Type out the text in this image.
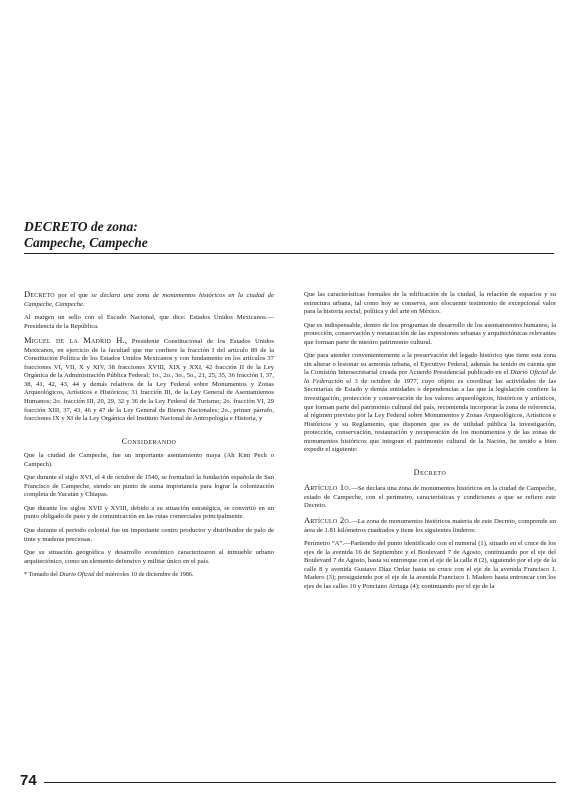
DECRETO de zona:
Campeche, Campeche

Decreto por el que se declara una zona de monumentos históricos en la ciudad de Campeche, Campeche.

Al margen un sello con el Escudo Nacional, que dice: Estados Unidos Mexicanos.—Presidencia de la República.

Miguel de la Madrid H., Presidente Constitucional de los Estados Unidos Mexicanos, en ejercicio de la facultad que me confiere la fracción I del artículo 89 de la Constitución Política de los Estados Unidos Mexicanos y con fundamento en los artículos 37 fracciones VI, VII, X y XIV, 38 fracciones XVIII, XIX y XXI, 42 fracción II de la Ley Orgánica de la Administración Pública Federal; 1o., 2o., 3o., 5o., 21, 25, 35, 36 fracción I, 37, 38, 41, 42, 43, 44 y demás relativos de la Ley Federal sobre Monumentos y Zonas Arqueológicos, Artísticos e Históricos; 31 fracción III, de la Ley General de Asentamientos Humanos; 2o. fracción III, 20, 29, 32 y 36 de la Ley Federal de Turismo; 2o. fracción VI, 29 fracción XIII, 37, 43, 46 y 47 de la Ley General de Bienes Nacionales; 2o., primer párrafo, fracciones IX y XI de la Ley Orgánica del Instituto Nacional de Antropología e Historia, y

Considerando

Que la ciudad de Campeche, fue un importante asentamiento maya (Ah Kim Pech o Campech).

Que durante el siglo XVI, el 4 de octubre de 1540, se formalizó la fundación española de San Francisco de Campeche, siendo un punto de suma importancia para lograr la colonización completa de Yucatán y Chiapas.

Que durante los siglos XVII y XVIII, debido a su situación estratégica, se convirtió en un punto obligado de paso y de comunicación en las rutas comerciales principalmente.

Que durante el periodo colonial fue un importante centro productor y distribuidor de palo de tinte y maderas preciosas.

Que su situación geográfica y desarrollo económico caracterizaron al inmueble urbano arquitectónico, como un elemento defensivo y militar único en el país.

* Tomado del Diario Oficial del miércoles 10 de diciembre de 1986.

Que las características formales de la edificación de la ciudad, la relación de espacios y su estructura urbana, tal como hoy se conserva, son elocuente testimonio de excepcional valor para la historia social, política y del arte en México.

Que es indispensable, dentro de los programas de desarrollo de los asentamientos humanos, la protección, conservación y restauración de las expresiones urbanas y arquitectónicas relevantes que forman parte de nuestro patrimonio cultural.

Que para atender convenientemente a la preservación del legado histórico que tiene esta zona sin alterar o lesionar su armonía urbana, el Ejecutivo Federal, además ha tenido en cuenta que la Comisión Intersecretarial creada por Acuerdo Presidencial publicado en el Diario Oficial de la Federación el 3 de octubre de 1977, cuyo objeto es coordinar las actividades de las Secretarías de Estado y demás entidades o dependencias a las que la legislación confiere la investigación, protección y conservación de los valores arqueológicos, históricos y artísticos, que forman parte del patrimonio cultural del país, recomienda incorporar la zona de referencia, al régimen previsto por la Ley Federal sobre Monumentos y Zonas Arqueológicos, Artísticos e Históricos y su Reglamento, que disponen que es de utilidad pública la investigación, protección, conservación, restauración y recuperación de los monumentos y de las zonas de monumentos históricos que integran el patrimonio cultural de la Nación, he tenido a bien expedir el siguiente:

Decreto

Artículo 1o.—Se declara una zona de monumentos históricos en la ciudad de Campeche, estado de Campeche, con el perímetro, características y condiciones a que se refiere este Decreto.

Artículo 2o.—La zona de monumentos históricos materia de este Decreto, comprende un área de 1.81 kilómetros cuadrados y tiene los siguientes linderos:

Perímetro “A”.—Partiendo del punto identificado con el numeral (1), situado en el cruce de los ejes de la avenida 16 de Septiembre y el Boulevard 7 de Agosto, continuando por el eje del Boulevard 7 de Agosto, hasta su entronque con el eje de la calle 8 (2), siguiendo por el eje de la calle 8 y avenida Gustavo Díaz Ordaz hasta su cruce con el eje de la avenida Francisco I. Madero (3); prosiguiendo por el eje de la avenida Francisco I. Madero hasta entroncar con los ejes de las calles 10 y Ponciano Arriaga (4); continuando por el eje de la

74
